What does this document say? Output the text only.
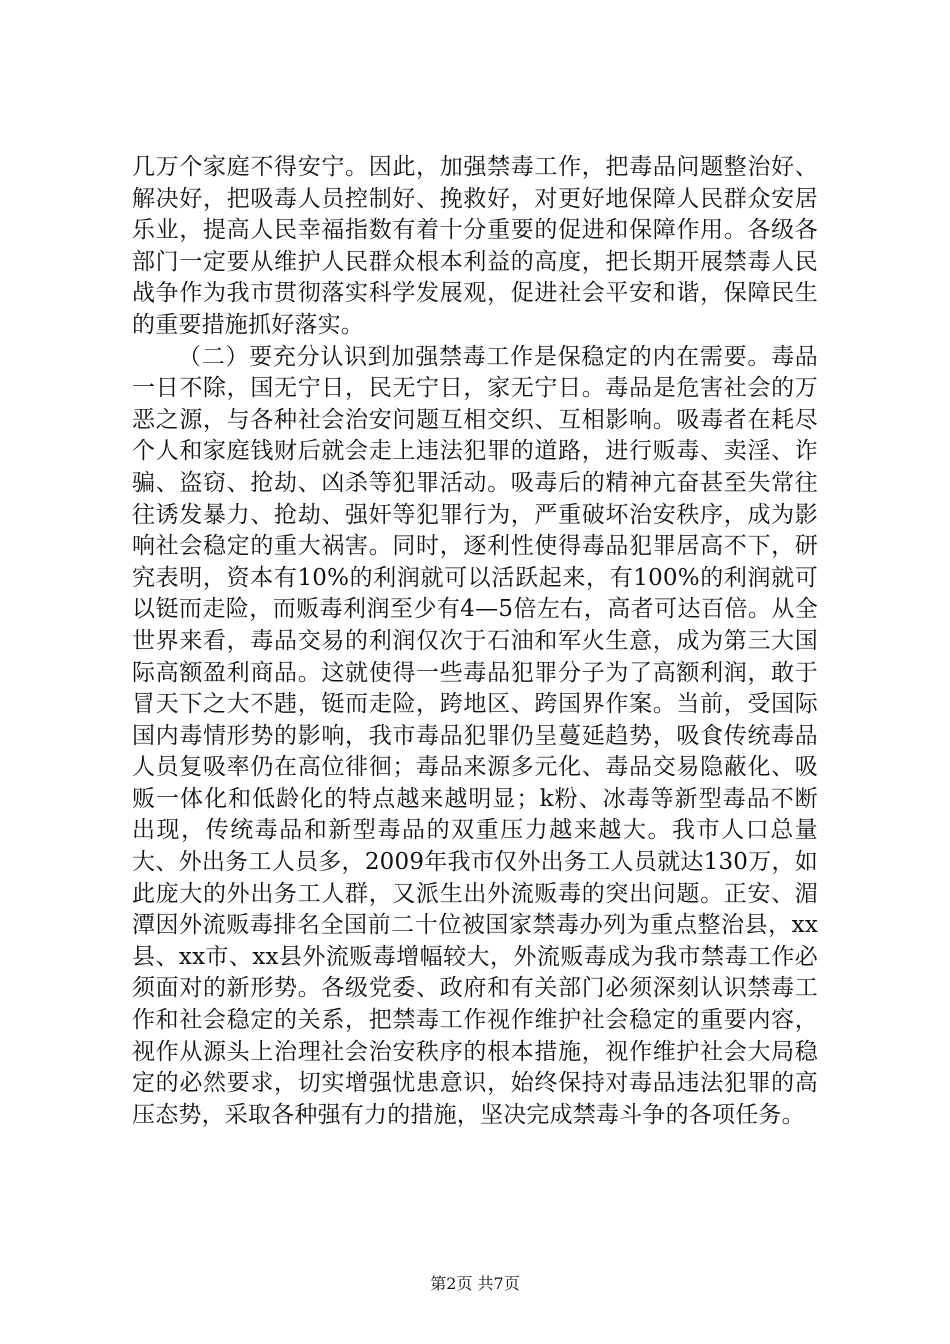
几万个家庭不得安宁。因此，加强禁毒工作，把毒品问题整治好、解决好，把吸毒人员控制好、挽救好，对更好地保障人民群众安居乐业，提高人民幸福指数有着十分重要的促进和保障作用。各级各部门一定要从维护人民群众根本利益的高度，把长期开展禁毒人民战争作为我市贯彻落实科学发展观，促进社会平安和谐，保障民生的重要措施抓好落实。

（二）要充分认识到加强禁毒工作是保稳定的内在需要。毒品一日不除，国无宁日，民无宁日，家无宁日。毒品是危害社会的万恶之源，与各种社会治安问题互相交织、互相影响。吸毒者在耗尽个人和家庭钱财后就会走上违法犯罪的道路，进行贩毒、卖淫、诈骗、盗窃、抢劫、凶杀等犯罪活动。吸毒后的精神亢奋甚至失常往往诱发暴力、抢劫、强奸等犯罪行为，严重破坏治安秩序，成为影响社会稳定的重大祸害。同时，逐利性使得毒品犯罪居高不下，研究表明，资本有10%的利润就可以活跃起来，有100%的利润就可以铤而走险，而贩毒利润至少有4—5倍左右，高者可达百倍。从全世界来看，毒品交易的利润仅次于石油和军火生意，成为第三大国际高额盈利商品。这就使得一些毒品犯罪分子为了高额利润，敢于冒天下之大不韪，铤而走险，跨地区、跨国界作案。当前，受国际国内毒情形势的影响，我市毒品犯罪仍呈蔓延趋势，吸食传统毒品人员复吸率仍在高位徘徊；毒品来源多元化、毒品交易隐蔽化、吸贩一体化和低龄化的特点越来越明显；k粉、冰毒等新型毒品不断出现，传统毒品和新型毒品的双重压力越来越大。我市人口总量大、外出务工人员多，2009年我市仅外出务工人员就达130万，如此庞大的外出务工人群，又派生出外流贩毒的突出问题。正安、湄潭因外流贩毒排名全国前二十位被国家禁毒办列为重点整治县，xx县、xx市、xx县外流贩毒增幅较大，外流贩毒成为我市禁毒工作必须面对的新形势。各级党委、政府和有关部门必须深刻认识禁毒工作和社会稳定的关系，把禁毒工作视作维护社会稳定的重要内容，视作从源头上治理社会治安秩序的根本措施，视作维护社会大局稳定的必然要求，切实增强忧患意识，始终保持对毒品违法犯罪的高压态势，采取各种强有力的措施，坚决完成禁毒斗争的各项任务。

第2页 共7页
